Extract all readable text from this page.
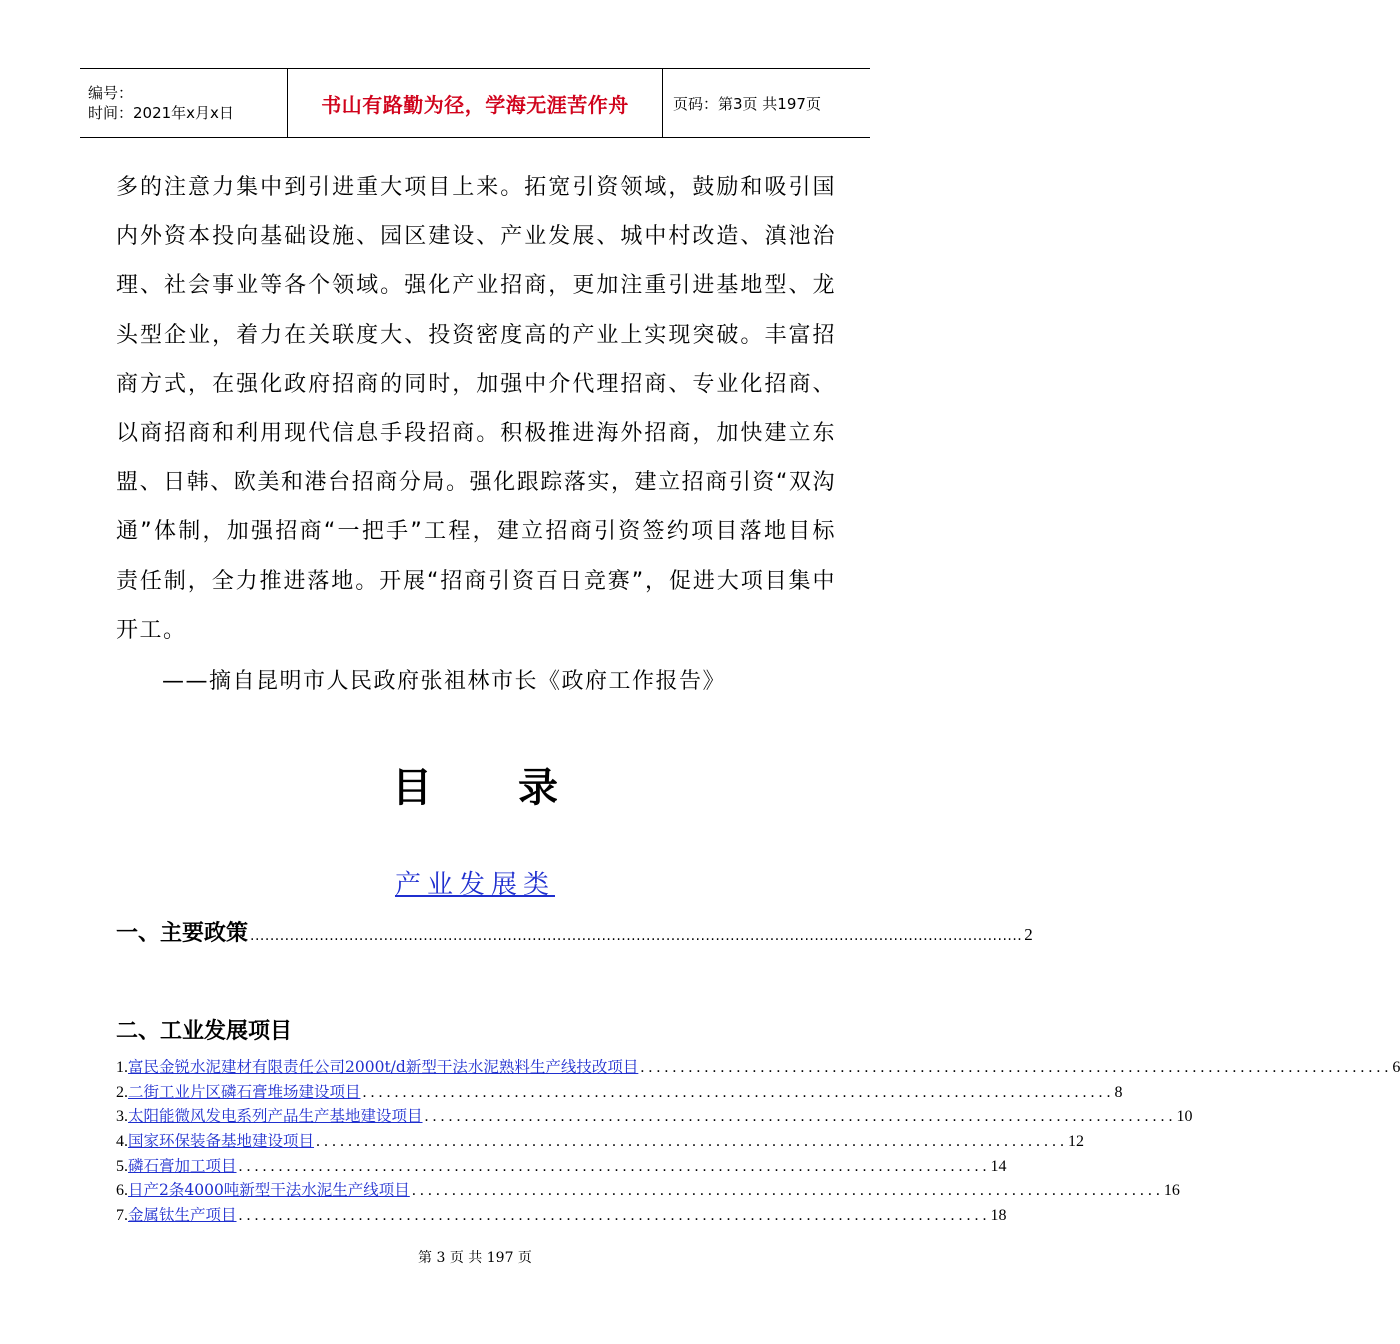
编号：
时间：2021年x月x日	书山有路勤为径，学海无涯苦作舟	页码：第3页 共197页
多的注意力集中到引进重大项目上来。拓宽引资领域，鼓励和吸引国内外资本投向基础设施、园区建设、产业发展、城中村改造、滇池治理、社会事业等各个领域。强化产业招商，更加注重引进基地型、龙头型企业，着力在关联度大、投资密度高的产业上实现突破。丰富招商方式，在强化政府招商的同时，加强中介代理招商、专业化招商、以商招商和利用现代信息手段招商。积极推进海外招商，加快建立东盟、日韩、欧美和港台招商分局。强化跟踪落实，建立招商引资“双沟通”体制，加强招商“一把手”工程，建立招商引资签约项目落地目标责任制，全力推进落地。开展“招商引资百日竞赛”，促进大项目集中开工。
——摘自昆明市人民政府张祖林市长《政府工作报告》
目 录
产业发展类
一、主要政策 ............................................................................................................................................................ 2
二、工业发展项目
1. 富民金锐水泥建材有限责任公司2000t/d新型干法水泥熟料生产线技改项目 .............................................................................................. 6
2. 二街工业片区磷石膏堆场建设项目 .............................................................................................. 8
3. 太阳能微风发电系列产品生产基地建设项目 .............................................................................................. 10
4. 国家环保装备基地建设项目 .............................................................................................. 12
5. 磷石膏加工项目 .............................................................................................. 14
6. 日产2条4000吨新型干法水泥生产线项目 .............................................................................................. 16
7. 金属钛生产项目 .............................................................................................. 18
第 3 页 共 197 页
